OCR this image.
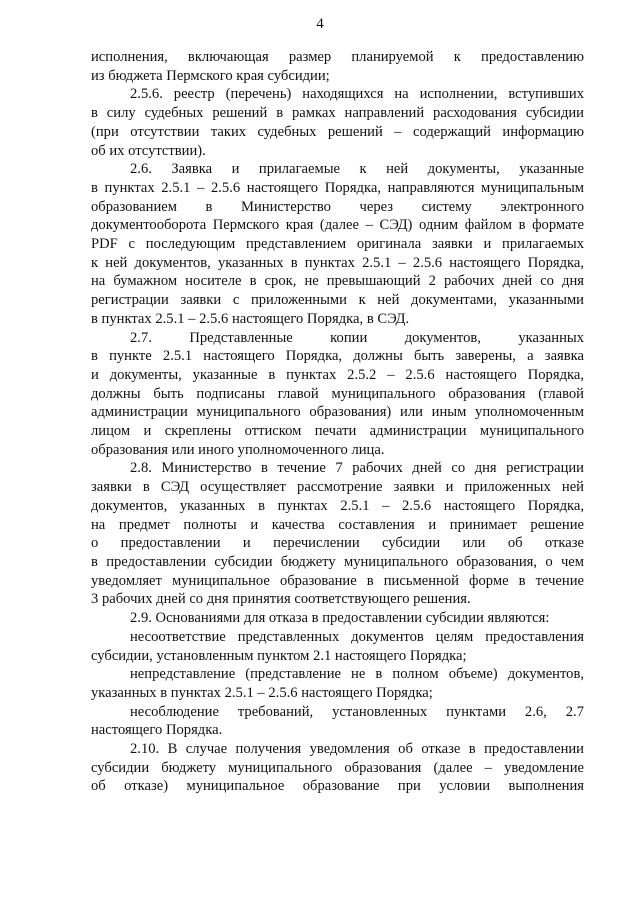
4
исполнения, включающая размер планируемой к предоставлению
из бюджета Пермского края субсидии;
2.5.6. реестр (перечень) находящихся на исполнении, вступивших
в силу судебных решений в рамках направлений расходования субсидии
(при отсутствии таких судебных решений – содержащий информацию
об их отсутствии).
2.6. Заявка и прилагаемые к ней документы, указанные
в пунктах 2.5.1 – 2.5.6 настоящего Порядка, направляются муниципальным
образованием в Министерство через систему электронного
документооборота Пермского края (далее – СЭД) одним файлом в формате
PDF с последующим представлением оригинала заявки и прилагаемых
к ней документов, указанных в пунктах 2.5.1 – 2.5.6 настоящего Порядка,
на бумажном носителе в срок, не превышающий 2 рабочих дней со дня
регистрации заявки с приложенными к ней документами, указанными
в пунктах 2.5.1 – 2.5.6 настоящего Порядка, в СЭД.
2.7. Представленные копии документов, указанных
в пункте 2.5.1 настоящего Порядка, должны быть заверены, а заявка
и документы, указанные в пунктах 2.5.2 – 2.5.6 настоящего Порядка,
должны быть подписаны главой муниципального образования (главой
администрации муниципального образования) или иным уполномоченным
лицом и скреплены оттиском печати администрации муниципального
образования или иного уполномоченного лица.
2.8. Министерство в течение 7 рабочих дней со дня регистрации
заявки в СЭД осуществляет рассмотрение заявки и приложенных ней
документов, указанных в пунктах 2.5.1 – 2.5.6 настоящего Порядка,
на предмет полноты и качества составления и принимает решение
о предоставлении и перечислении субсидии или об отказе
в предоставлении субсидии бюджету муниципального образования, о чем
уведомляет муниципальное образование в письменной форме в течение
3 рабочих дней со дня принятия соответствующего решения.
2.9. Основаниями для отказа в предоставлении субсидии являются:
несоответствие представленных документов целям предоставления
субсидии, установленным пунктом 2.1 настоящего Порядка;
непредставление (представление не в полном объеме) документов,
указанных в пунктах 2.5.1 – 2.5.6 настоящего Порядка;
несоблюдение требований, установленных пунктами 2.6, 2.7
настоящего Порядка.
2.10. В случае получения уведомления об отказе в предоставлении
субсидии бюджету муниципального образования (далее – уведомление
об отказе) муниципальное образование при условии выполнения
